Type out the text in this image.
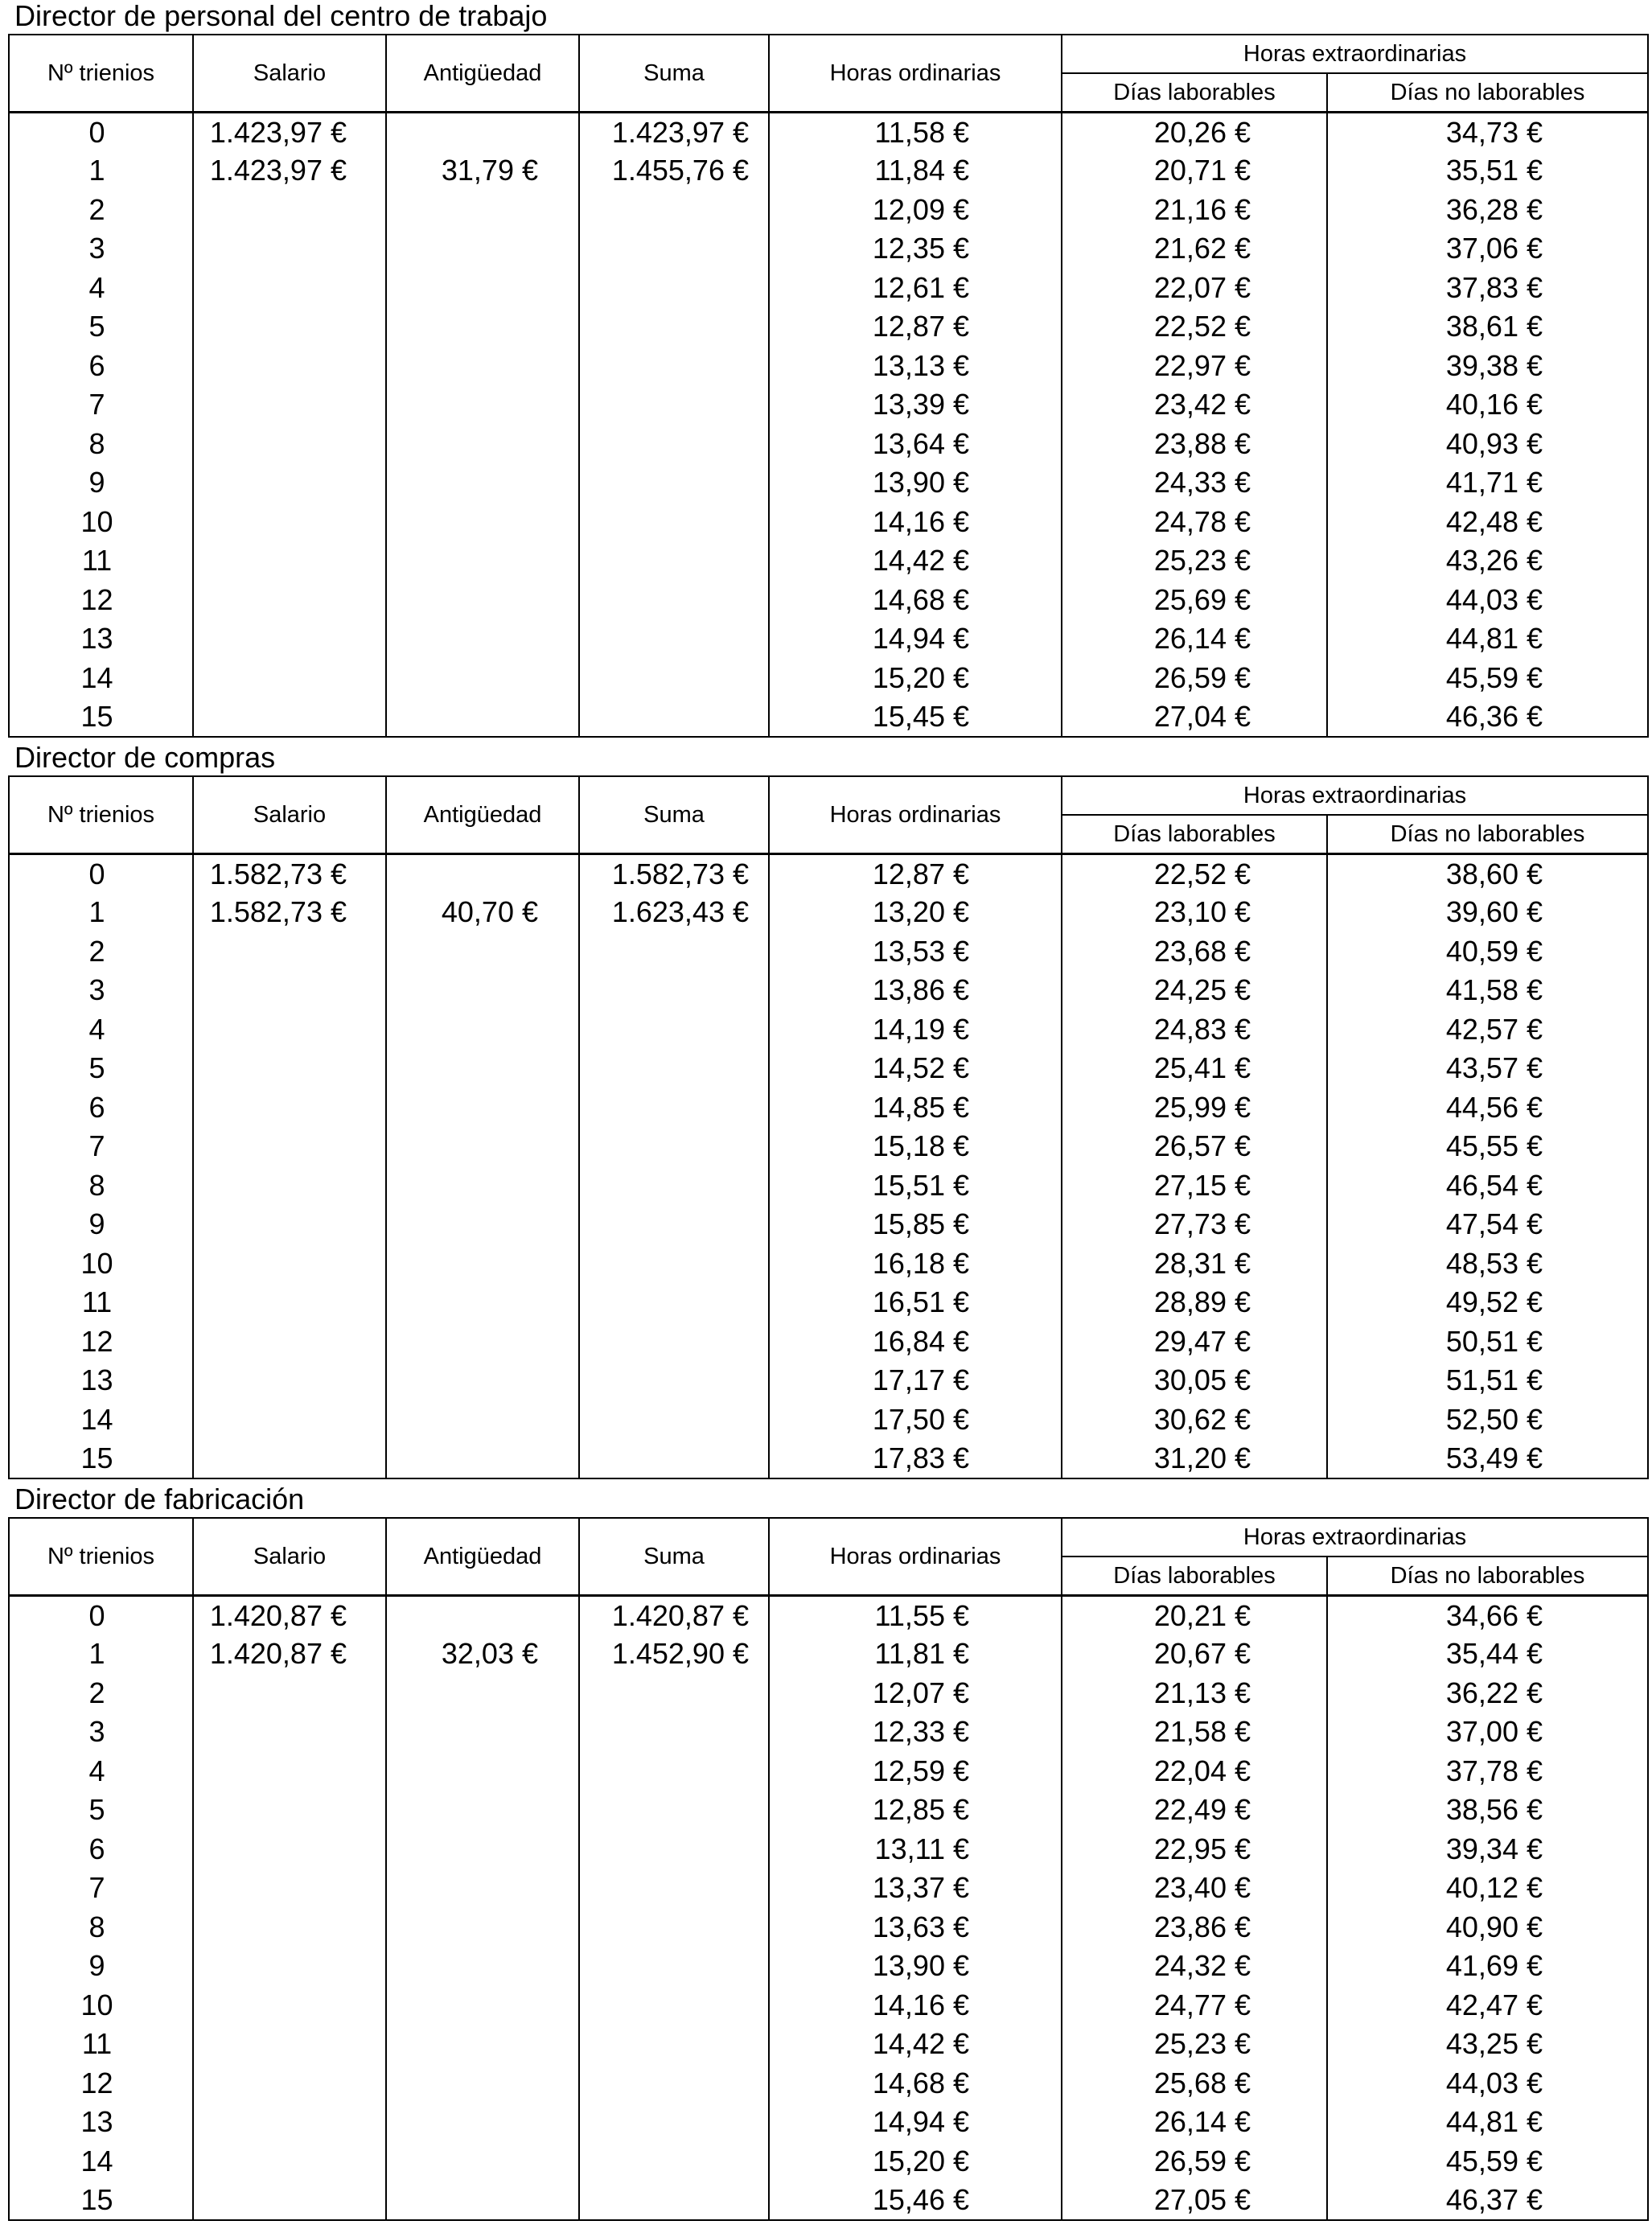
Director de personal del centro de trabajo
Nº trienios	Salario	Antigüedad	Suma	Horas ordinarias	Horas extraordinarias	
					Días laborables	Días no laborables
0	1.423,97 €		1.423,97 €	11,58 €	20,26 €	34,73 €
1	1.423,97 €	31,79 €	1.455,76 €	11,84 €	20,71 €	35,51 €
2				12,09 €	21,16 €	36,28 €
3				12,35 €	21,62 €	37,06 €
4				12,61 €	22,07 €	37,83 €
5				12,87 €	22,52 €	38,61 €
6				13,13 €	22,97 €	39,38 €
7				13,39 €	23,42 €	40,16 €
8				13,64 €	23,88 €	40,93 €
9				13,90 €	24,33 €	41,71 €
10				14,16 €	24,78 €	42,48 €
11				14,42 €	25,23 €	43,26 €
12				14,68 €	25,69 €	44,03 €
13				14,94 €	26,14 €	44,81 €
14				15,20 €	26,59 €	45,59 €
15				15,45 €	27,04 €	46,36 €
Director de compras
Nº trienios	Salario	Antigüedad	Suma	Horas ordinarias	Horas extraordinarias	
					Días laborables	Días no laborables
0	1.582,73 €		1.582,73 €	12,87 €	22,52 €	38,60 €
1	1.582,73 €	40,70 €	1.623,43 €	13,20 €	23,10 €	39,60 €
2				13,53 €	23,68 €	40,59 €
3				13,86 €	24,25 €	41,58 €
4				14,19 €	24,83 €	42,57 €
5				14,52 €	25,41 €	43,57 €
6				14,85 €	25,99 €	44,56 €
7				15,18 €	26,57 €	45,55 €
8				15,51 €	27,15 €	46,54 €
9				15,85 €	27,73 €	47,54 €
10				16,18 €	28,31 €	48,53 €
11				16,51 €	28,89 €	49,52 €
12				16,84 €	29,47 €	50,51 €
13				17,17 €	30,05 €	51,51 €
14				17,50 €	30,62 €	52,50 €
15				17,83 €	31,20 €	53,49 €
Director de fabricación
Nº trienios	Salario	Antigüedad	Suma	Horas ordinarias	Horas extraordinarias	
					Días laborables	Días no laborables
0	1.420,87 €		1.420,87 €	11,55 €	20,21 €	34,66 €
1	1.420,87 €	32,03 €	1.452,90 €	11,81 €	20,67 €	35,44 €
2				12,07 €	21,13 €	36,22 €
3				12,33 €	21,58 €	37,00 €
4				12,59 €	22,04 €	37,78 €
5				12,85 €	22,49 €	38,56 €
6				13,11 €	22,95 €	39,34 €
7				13,37 €	23,40 €	40,12 €
8				13,63 €	23,86 €	40,90 €
9				13,90 €	24,32 €	41,69 €
10				14,16 €	24,77 €	42,47 €
11				14,42 €	25,23 €	43,25 €
12				14,68 €	25,68 €	44,03 €
13				14,94 €	26,14 €	44,81 €
14				15,20 €	26,59 €	45,59 €
15				15,46 €	27,05 €	46,37 €
